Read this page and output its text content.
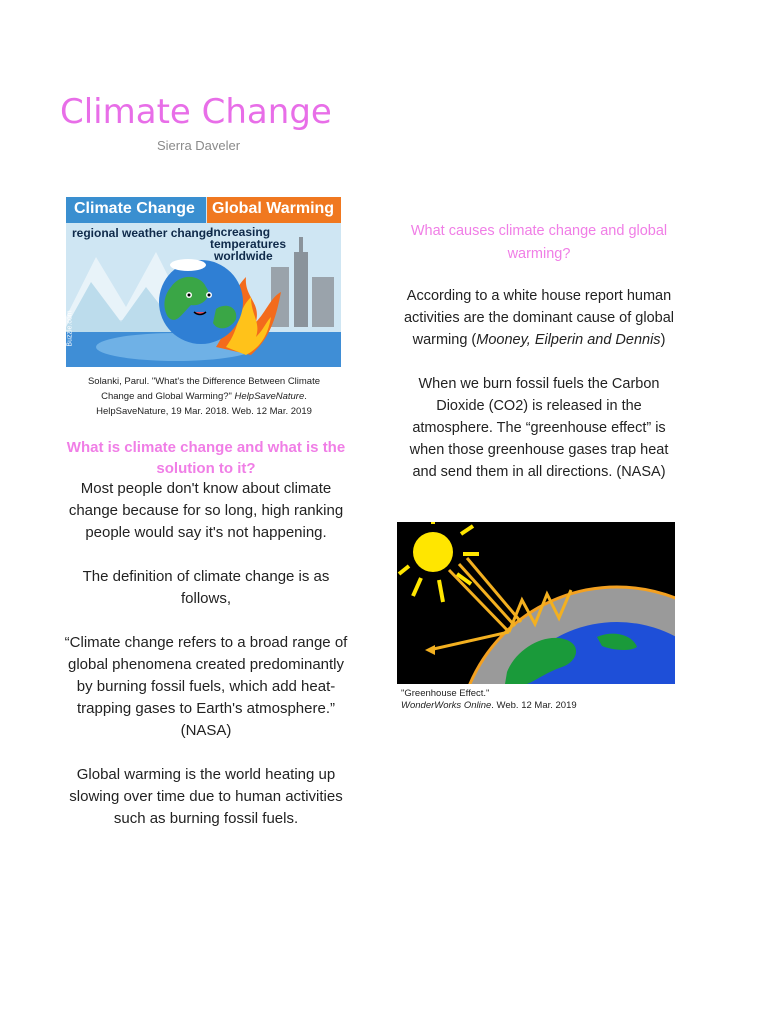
Climate Change
Sierra Daveler
Climate Change Global Warming
regional weather change
Increasing temperatures
worldwide
Buzzle.com
Solanki, Parul. "What's the Difference Between Climate
Change and Global Warming?" HelpSaveNature.
HelpSaveNature, 19 Mar. 2018. Web. 12 Mar. 2019
What is climate change and what is the solution to it?

Most people don't know about climate change because for so long, high ranking people would say it's not happening.

The definition of climate change is as follows,

“Climate change refers to a broad range of global phenomena created predominantly by burning fossil fuels, which add heat-trapping gases to Earth's atmosphere.” (NASA)

Global warming is the world heating up slowing over time due to human activities such as burning fossil fuels.

What causes climate change and global warming?

According to a white house report human activities are the dominant cause of global warming (Mooney, Eilperin and Dennis)

When we burn fossil fuels the Carbon Dioxide (CO2) is released in the atmosphere. The “greenhouse effect” is when those greenhouse gases trap heat and send them in all directions. (NASA)

"Greenhouse Effect."
WonderWorks Online. Web. 12 Mar. 2019
